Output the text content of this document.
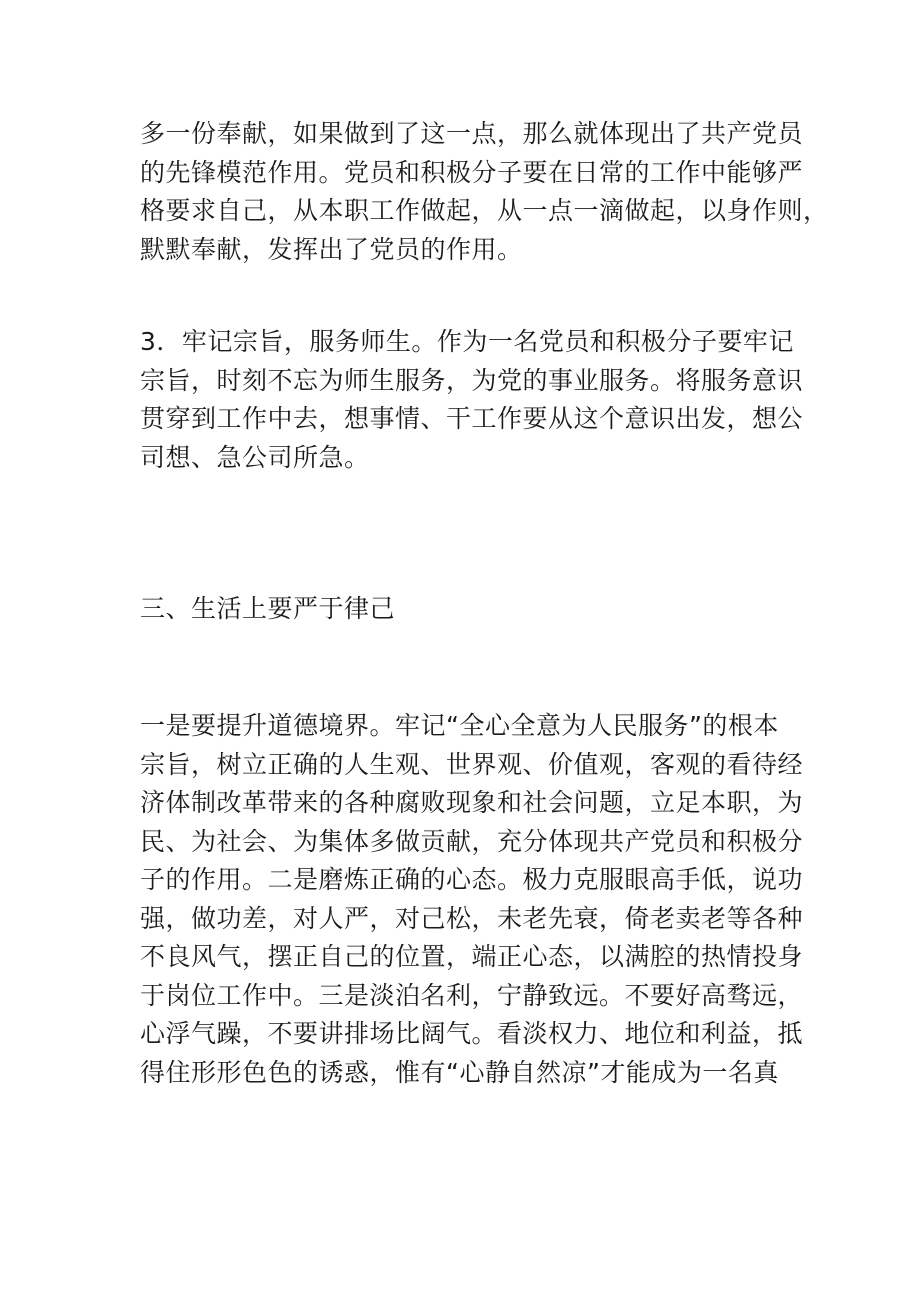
多一份奉献，如果做到了这一点，那么就体现出了共产党员
的先锋模范作用。党员和积极分子要在日常的工作中能够严
格要求自己，从本职工作做起，从一点一滴做起，以身作则，
默默奉献，发挥出了党员的作用。
3．牢记宗旨，服务师生。作为一名党员和积极分子要牢记
宗旨，时刻不忘为师生服务，为党的事业服务。将服务意识
贯穿到工作中去，想事情、干工作要从这个意识出发，想公
司想、急公司所急。
三、生活上要严于律己
一是要提升道德境界。牢记“全心全意为人民服务”的根本
宗旨，树立正确的人生观、世界观、价值观，客观的看待经
济体制改革带来的各种腐败现象和社会问题，立足本职，为
民、为社会、为集体多做贡献，充分体现共产党员和积极分
子的作用。二是磨炼正确的心态。极力克服眼高手低，说功
强，做功差，对人严，对己松，未老先衰，倚老卖老等各种
不良风气，摆正自己的位置，端正心态，以满腔的热情投身
于岗位工作中。三是淡泊名利，宁静致远。不要好高骛远，
心浮气躁，不要讲排场比阔气。看淡权力、地位和利益，抵
得住形形色色的诱惑，惟有“心静自然凉”才能成为一名真
